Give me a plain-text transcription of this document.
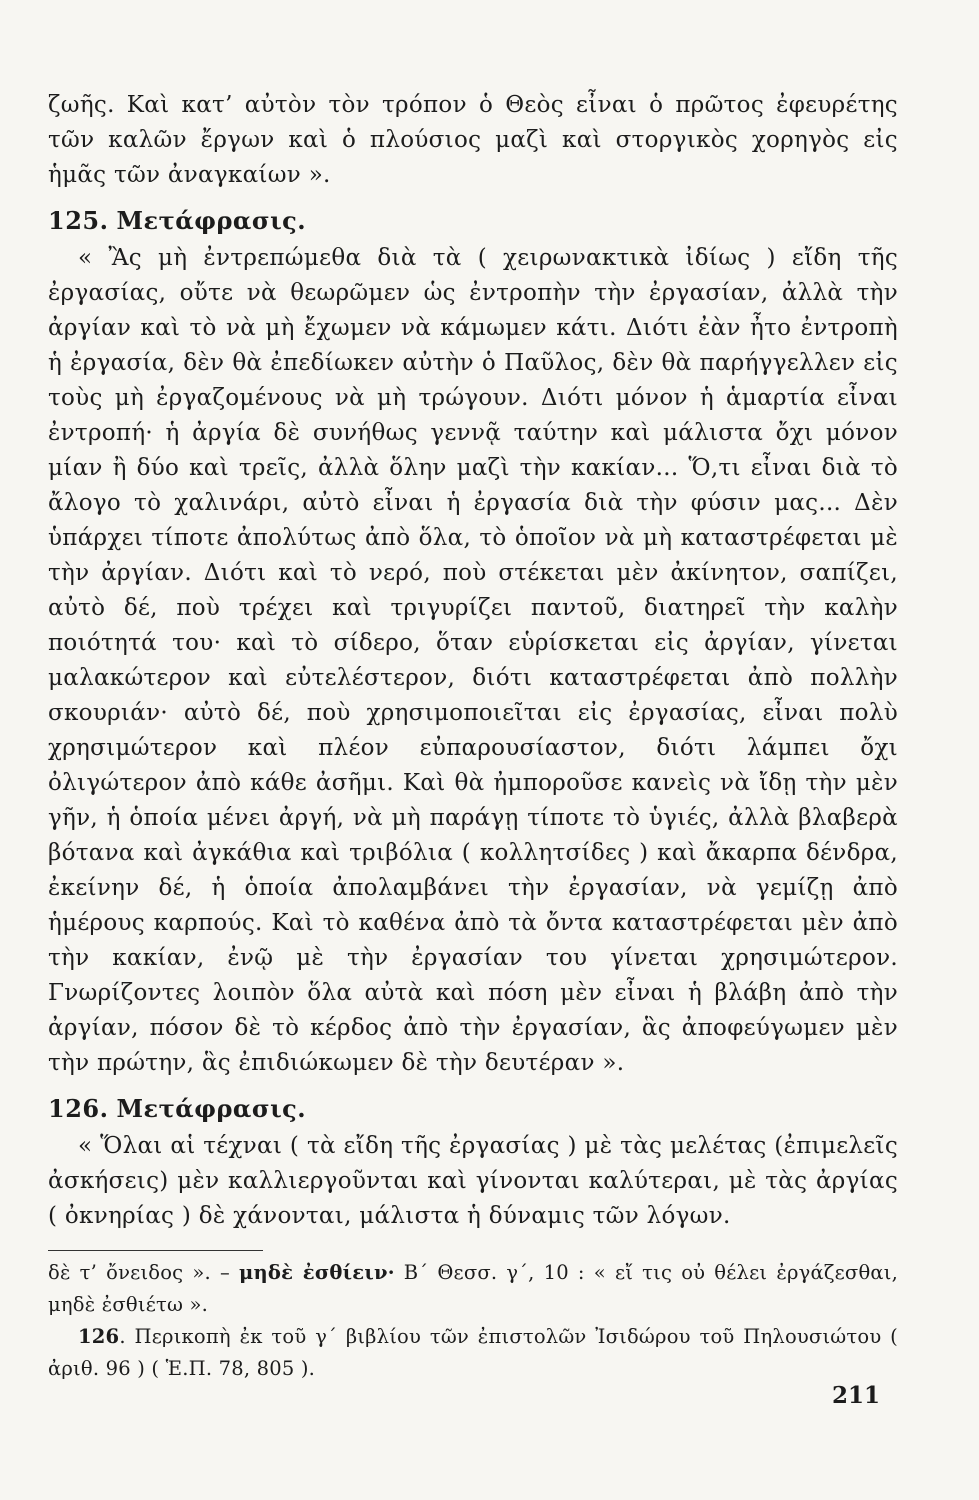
ζωῆς. Καὶ κατ’ αὐτὸν τὸν τρόπον ὁ Θεὸς εἶναι ὁ πρῶτος ἐφευρέτης τῶν καλῶν ἔργων καὶ ὁ πλούσιος μαζὶ καὶ στοργικὸς χορηγὸς εἰς ἡμᾶς τῶν ἀναγκαίων ».

125. Μετάφρασις.

« Ἂς μὴ ἐντρεπώμεθα διὰ τὰ ( χειρωνακτικὰ ἰδίως ) εἴδη τῆς ἐργασίας, οὔτε νὰ θεωρῶμεν ὡς ἐντροπὴν τὴν ἐργασίαν, ἀλλὰ τὴν ἀργίαν καὶ τὸ νὰ μὴ ἔχωμεν νὰ κάμωμεν κάτι. Διότι ἐὰν ἦτο ἐντροπὴ ἡ ἐργασία, δὲν θὰ ἐπεδίωκεν αὐτὴν ὁ Παῦλος, δὲν θὰ παρήγγελλεν εἰς τοὺς μὴ ἐργαζομένους νὰ μὴ τρώγουν. Διότι μόνον ἡ ἁμαρτία εἶναι ἐντροπή· ἡ ἀργία δὲ συνήθως γεννᾷ ταύτην καὶ μάλιστα ὄχι μόνον μίαν ἢ δύο καὶ τρεῖς, ἀλλὰ ὅλην μαζὶ τὴν κακίαν... Ὅ,τι εἶναι διὰ τὸ ἄλογο τὸ χαλινάρι, αὐτὸ εἶναι ἡ ἐργασία διὰ τὴν φύσιν μας... Δὲν ὑπάρχει τίποτε ἀπολύτως ἀπὸ ὅλα, τὸ ὁποῖον νὰ μὴ καταστρέφεται μὲ τὴν ἀργίαν. Διότι καὶ τὸ νερό, ποὺ στέκεται μὲν ἀκίνητον, σαπίζει, αὐτὸ δέ, ποὺ τρέχει καὶ τριγυρίζει παντοῦ, διατηρεῖ τὴν καλὴν ποιότητά του· καὶ τὸ σίδερο, ὅταν εὑρίσκεται εἰς ἀργίαν, γίνεται μαλακώτερον καὶ εὐτελέστερον, διότι καταστρέφεται ἀπὸ πολλὴν σκουριάν· αὐτὸ δέ, ποὺ χρησιμοποιεῖται εἰς ἐργασίας, εἶναι πολὺ χρησιμώτερον καὶ πλέον εὐπαρουσίαστον, διότι λάμπει ὄχι ὀλιγώτερον ἀπὸ κάθε ἀσῆμι. Καὶ θὰ ἠμποροῦσε κανεὶς νὰ ἴδῃ τὴν μὲν γῆν, ἡ ὁποία μένει ἀργή, νὰ μὴ παράγῃ τίποτε τὸ ὑγιές, ἀλλὰ βλαβερὰ βότανα καὶ ἀγκάθια καὶ τριβόλια ( κολλητσίδες ) καὶ ἄκαρπα δένδρα, ἐκείνην δέ, ἡ ὁποία ἀπολαμβάνει τὴν ἐργασίαν, νὰ γεμίζῃ ἀπὸ ἡμέρους καρπούς. Καὶ τὸ καθένα ἀπὸ τὰ ὄντα καταστρέφεται μὲν ἀπὸ τὴν κακίαν, ἐνῷ μὲ τὴν ἐργασίαν του γίνεται χρησιμώτερον. Γνωρίζοντες λοιπὸν ὅλα αὐτὰ καὶ πόση μὲν εἶναι ἡ βλάβη ἀπὸ τὴν ἀργίαν, πόσον δὲ τὸ κέρδος ἀπὸ τὴν ἐργασίαν, ἃς ἀποφεύγωμεν μὲν τὴν πρώτην, ἃς ἐπιδιώκωμεν δὲ τὴν δευτέραν ».

126. Μετάφρασις.

« Ὅλαι αἱ τέχναι ( τὰ εἴδη τῆς ἐργασίας ) μὲ τὰς μελέτας (ἐπιμελεῖς ἀσκήσεις) μὲν καλλιεργοῦνται καὶ γίνονται καλύτεραι, μὲ τὰς ἀργίας ( ὀκνηρίας ) δὲ χάνονται, μάλιστα ἡ δύναμις τῶν λόγων.

δὲ τ’ ὄνειδος ». – μηδὲ ἐσθίειν· Β΄ Θεσσ. γ΄, 10 : « εἴ τις οὐ θέλει ἐργάζεσθαι, μηδὲ ἐσθιέτω ».

126. Περικοπὴ ἐκ τοῦ γ΄ βιβλίου τῶν ἐπιστολῶν Ἰσιδώρου τοῦ Πηλουσιώτου ( ἀριθ. 96 ) ( Ἑ.Π. 78, 805 ).

211
